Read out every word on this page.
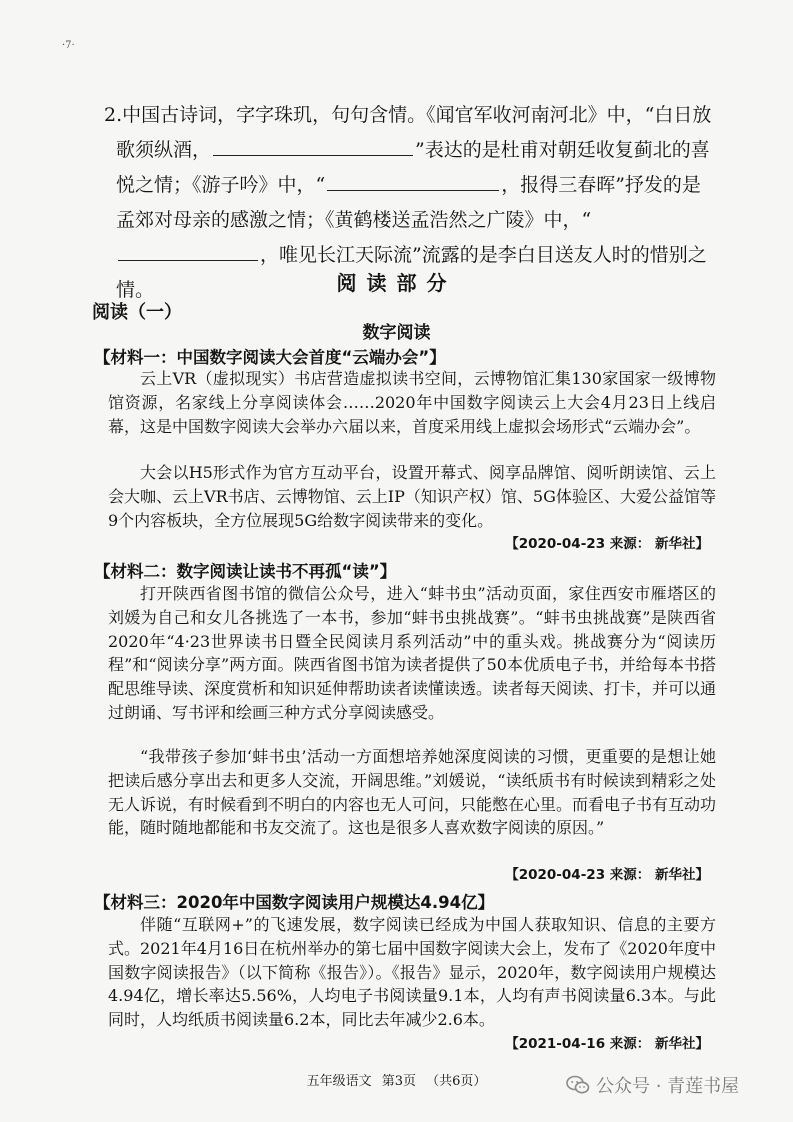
·7·
2.中国古诗词，字字珠玑，句句含情。《闻官军收河南河北》中，“白日放歌须纵酒，	”表达的是杜甫对朝廷收复蓟北的喜悦之情；《游子吟》中，“	，报得三春晖”抒发的是孟郊对母亲的感激之情；《黄鹤楼送孟浩然之广陵》中，“，唯见长江天际流”流露的是李白目送友人时的惜别之情。	阅读部分
阅读（一）
数字阅读
【材料一：中国数字阅读大会首度“云端办会”】
云上VR（虚拟现实）书店营造虚拟读书空间，云博物馆汇集130家国家一级博物馆资源，名家线上分享阅读体会……2020年中国数字阅读云上大会4月23日上线启幕，这是中国数字阅读大会举办六届以来，首度采用线上虚拟会场形式“云端办会”。
大会以H5形式作为官方互动平台，设置开幕式、阅享品牌馆、阅听朗读馆、云上会大咖、云上VR书店、云博物馆、云上IP（知识产权）馆、5G体验区、大爱公益馆等9个内容板块，全方位展现5G给数字阅读带来的变化。
【2020-04-23 来源： 新华社】
【材料二：数字阅读让读书不再孤“读”】
打开陕西省图书馆的微信公众号，进入“蚌书虫”活动页面，家住西安市雁塔区的刘媛为自己和女儿各挑选了一本书，参加“蚌书虫挑战赛”。“蚌书虫挑战赛”是陕西省2020年“4·23世界读书日暨全民阅读月系列活动”中的重头戏。挑战赛分为“阅读历程”和“阅读分享”两方面。陕西省图书馆为读者提供了50本优质电子书，并给每本书搭配思维导读、深度赏析和知识延伸帮助读者读懂读透。读者每天阅读、打卡，并可以通过朗诵、写书评和绘画三种方式分享阅读感受。
“我带孩子参加‘蚌书虫’活动一方面想培养她深度阅读的习惯，更重要的是想让她把读后感分享出去和更多人交流，开阔思维。”刘媛说，“读纸质书有时候读到精彩之处无人诉说，有时候看到不明白的内容也无人可问，只能憋在心里。而看电子书有互动功能，随时随地都能和书友交流了。这也是很多人喜欢数字阅读的原因。”
【2020-04-23 来源： 新华社】
【材料三：2020年中国数字阅读用户规模达4.94亿】
伴随“互联网+”的飞速发展，数字阅读已经成为中国人获取知识、信息的主要方式。2021年4月16日在杭州举办的第七届中国数字阅读大会上，发布了《2020年度中国数字阅读报告》（以下简称《报告》）。《报告》显示，2020年，数字阅读用户规模达4.94亿，增长率达5.56%，人均电子书阅读量9.1本，人均有声书阅读量6.3本。与此同时，人均纸质书阅读量6.2本，同比去年减少2.6本。
【2021-04-16 来源： 新华社】
五年级语文 第3页 （共6页）	公众号 · 青莲书屋
